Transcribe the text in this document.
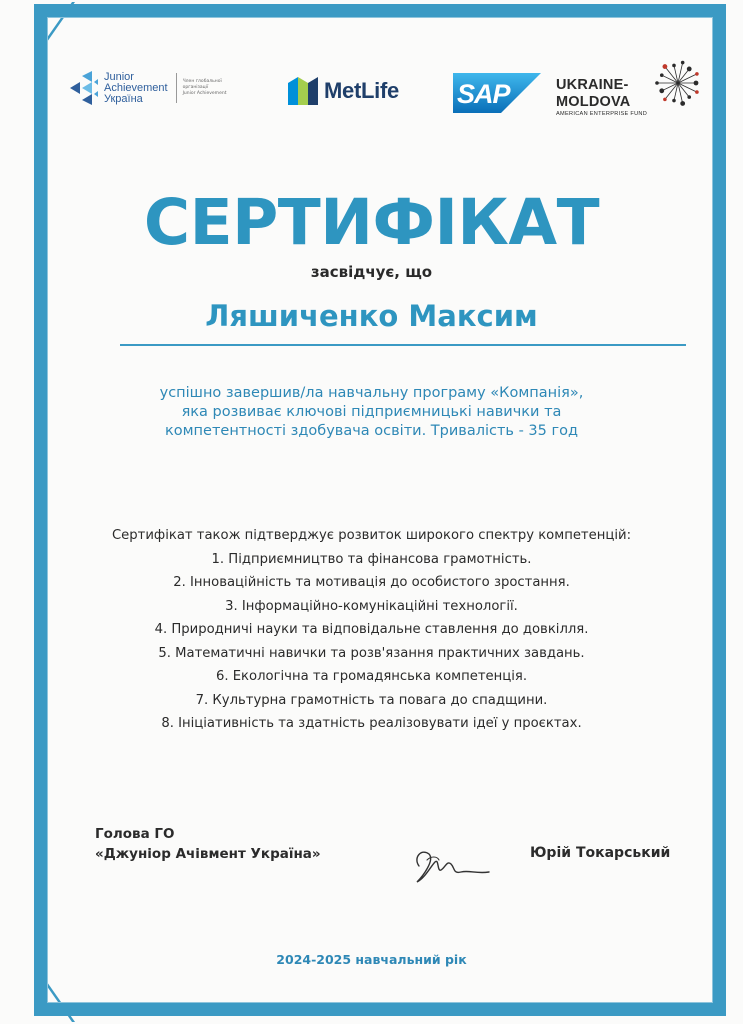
Junior
Achievement
Україна
Член глобальної організації
Junior Achievement	MetLife SAP	UKRAINE-
MOLDOVA
AMERICAN ENTERPRISE FUND
СЕРТИФІКАТ
засвідчує, що
Ляшиченко Максим
успішно завершив/ла навчальну програму «Компанія»,
яка розвиває ключові підприємницькі навички та
компетентності здобувача освіти. Тривалість - 35 год
Сертифікат також підтверджує розвиток широкого спектру компетенцій:
1. Підприємництво та фінансова грамотність.
2. Інноваційність та мотивація до особистого зростання.
3. Інформаційно-комунікаційні технології.
4. Природничі науки та відповідальне ставлення до довкілля.
5. Математичні навички та розв'язання практичних завдань.
6. Екологічна та громадянська компетенція.
7. Культурна грамотність та повага до спадщини.
8. Ініціативність та здатність реалізовувати ідеї у проєктах.
Голова ГО
«Джуніор Ачівмент Україна»	Юрій Токарський
2024-2025 навчальний рік
